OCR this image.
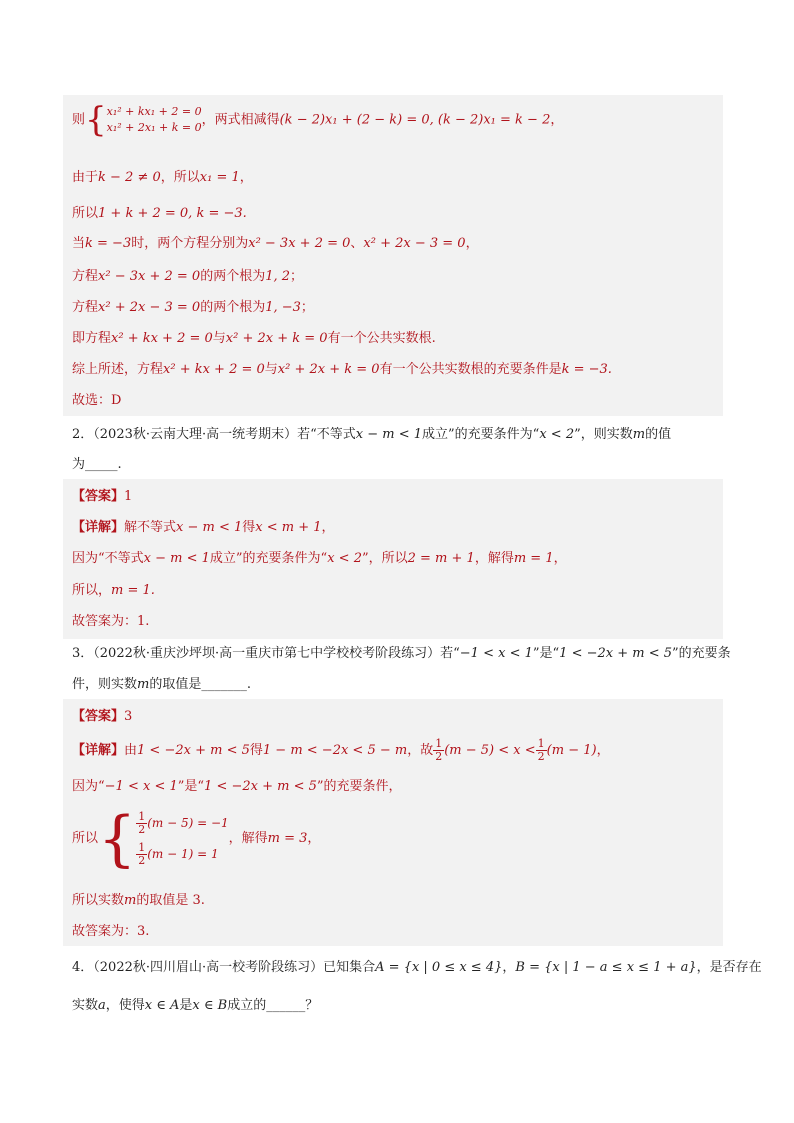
则{ x₁² + kx₁ + 2 = 0
x₁² + 2x₁ + k = 0 ，两式相减得(k − 2)x₁ + (2 − k) = 0, (k − 2)x₁ = k − 2，
由于k − 2 ≠ 0，所以x₁ = 1，
所以1 + k + 2 = 0, k = −3.
当k = −3时，两个方程分别为x² − 3x + 2 = 0、x² + 2x − 3 = 0，
方程x² − 3x + 2 = 0的两个根为1, 2；
方程x² + 2x − 3 = 0的两个根为1, −3；
即方程x² + kx + 2 = 0与x² + 2x + k = 0有一个公共实数根.
综上所述，方程x² + kx + 2 = 0与x² + 2x + k = 0有一个公共实数根的充要条件是k = −3.
故选：D
2．（2023秋·云南大理·高一统考期末）若“不等式x − m < 1成立”的充要条件为“x < 2”，则实数m的值
为_____.
【答案】1
【详解】解不等式x − m < 1得x < m + 1，
因为“不等式x − m < 1成立”的充要条件为“x < 2”，所以2 = m + 1，解得m = 1，
所以，m = 1.
故答案为：1.
3．（2022秋·重庆沙坪坝·高一重庆市第七中学校校考阶段练习）若“−1 < x < 1”是“1 < −2x + m < 5”的充要条
件，则实数m的取值是_______.
【答案】3
【详解】由1 < −2x + m < 5得1 − m < −2x < 5 − m，故 $\frac{1}{2} (m - 5) < x < \frac{1}{2} (m - 1)$，
因为“−1 < x < 1”是“1 < −2x + m < 5”的充要条件，
所以{ $\frac{1}{2} (m - 5) = -1$
$\frac{1}{2} (m - 1) = 1$
，解得m = 3，
所以实数m的取值是 3.
故答案为：3.
4．（2022秋·四川眉山·高一校考阶段练习）已知集合A = {x | 0 ≤ x ≤ 4}，B = {x | 1 − a ≤ x ≤ 1 + a}，是否存在
实数a，使得x ∈ A是x ∈ B成立的______？
